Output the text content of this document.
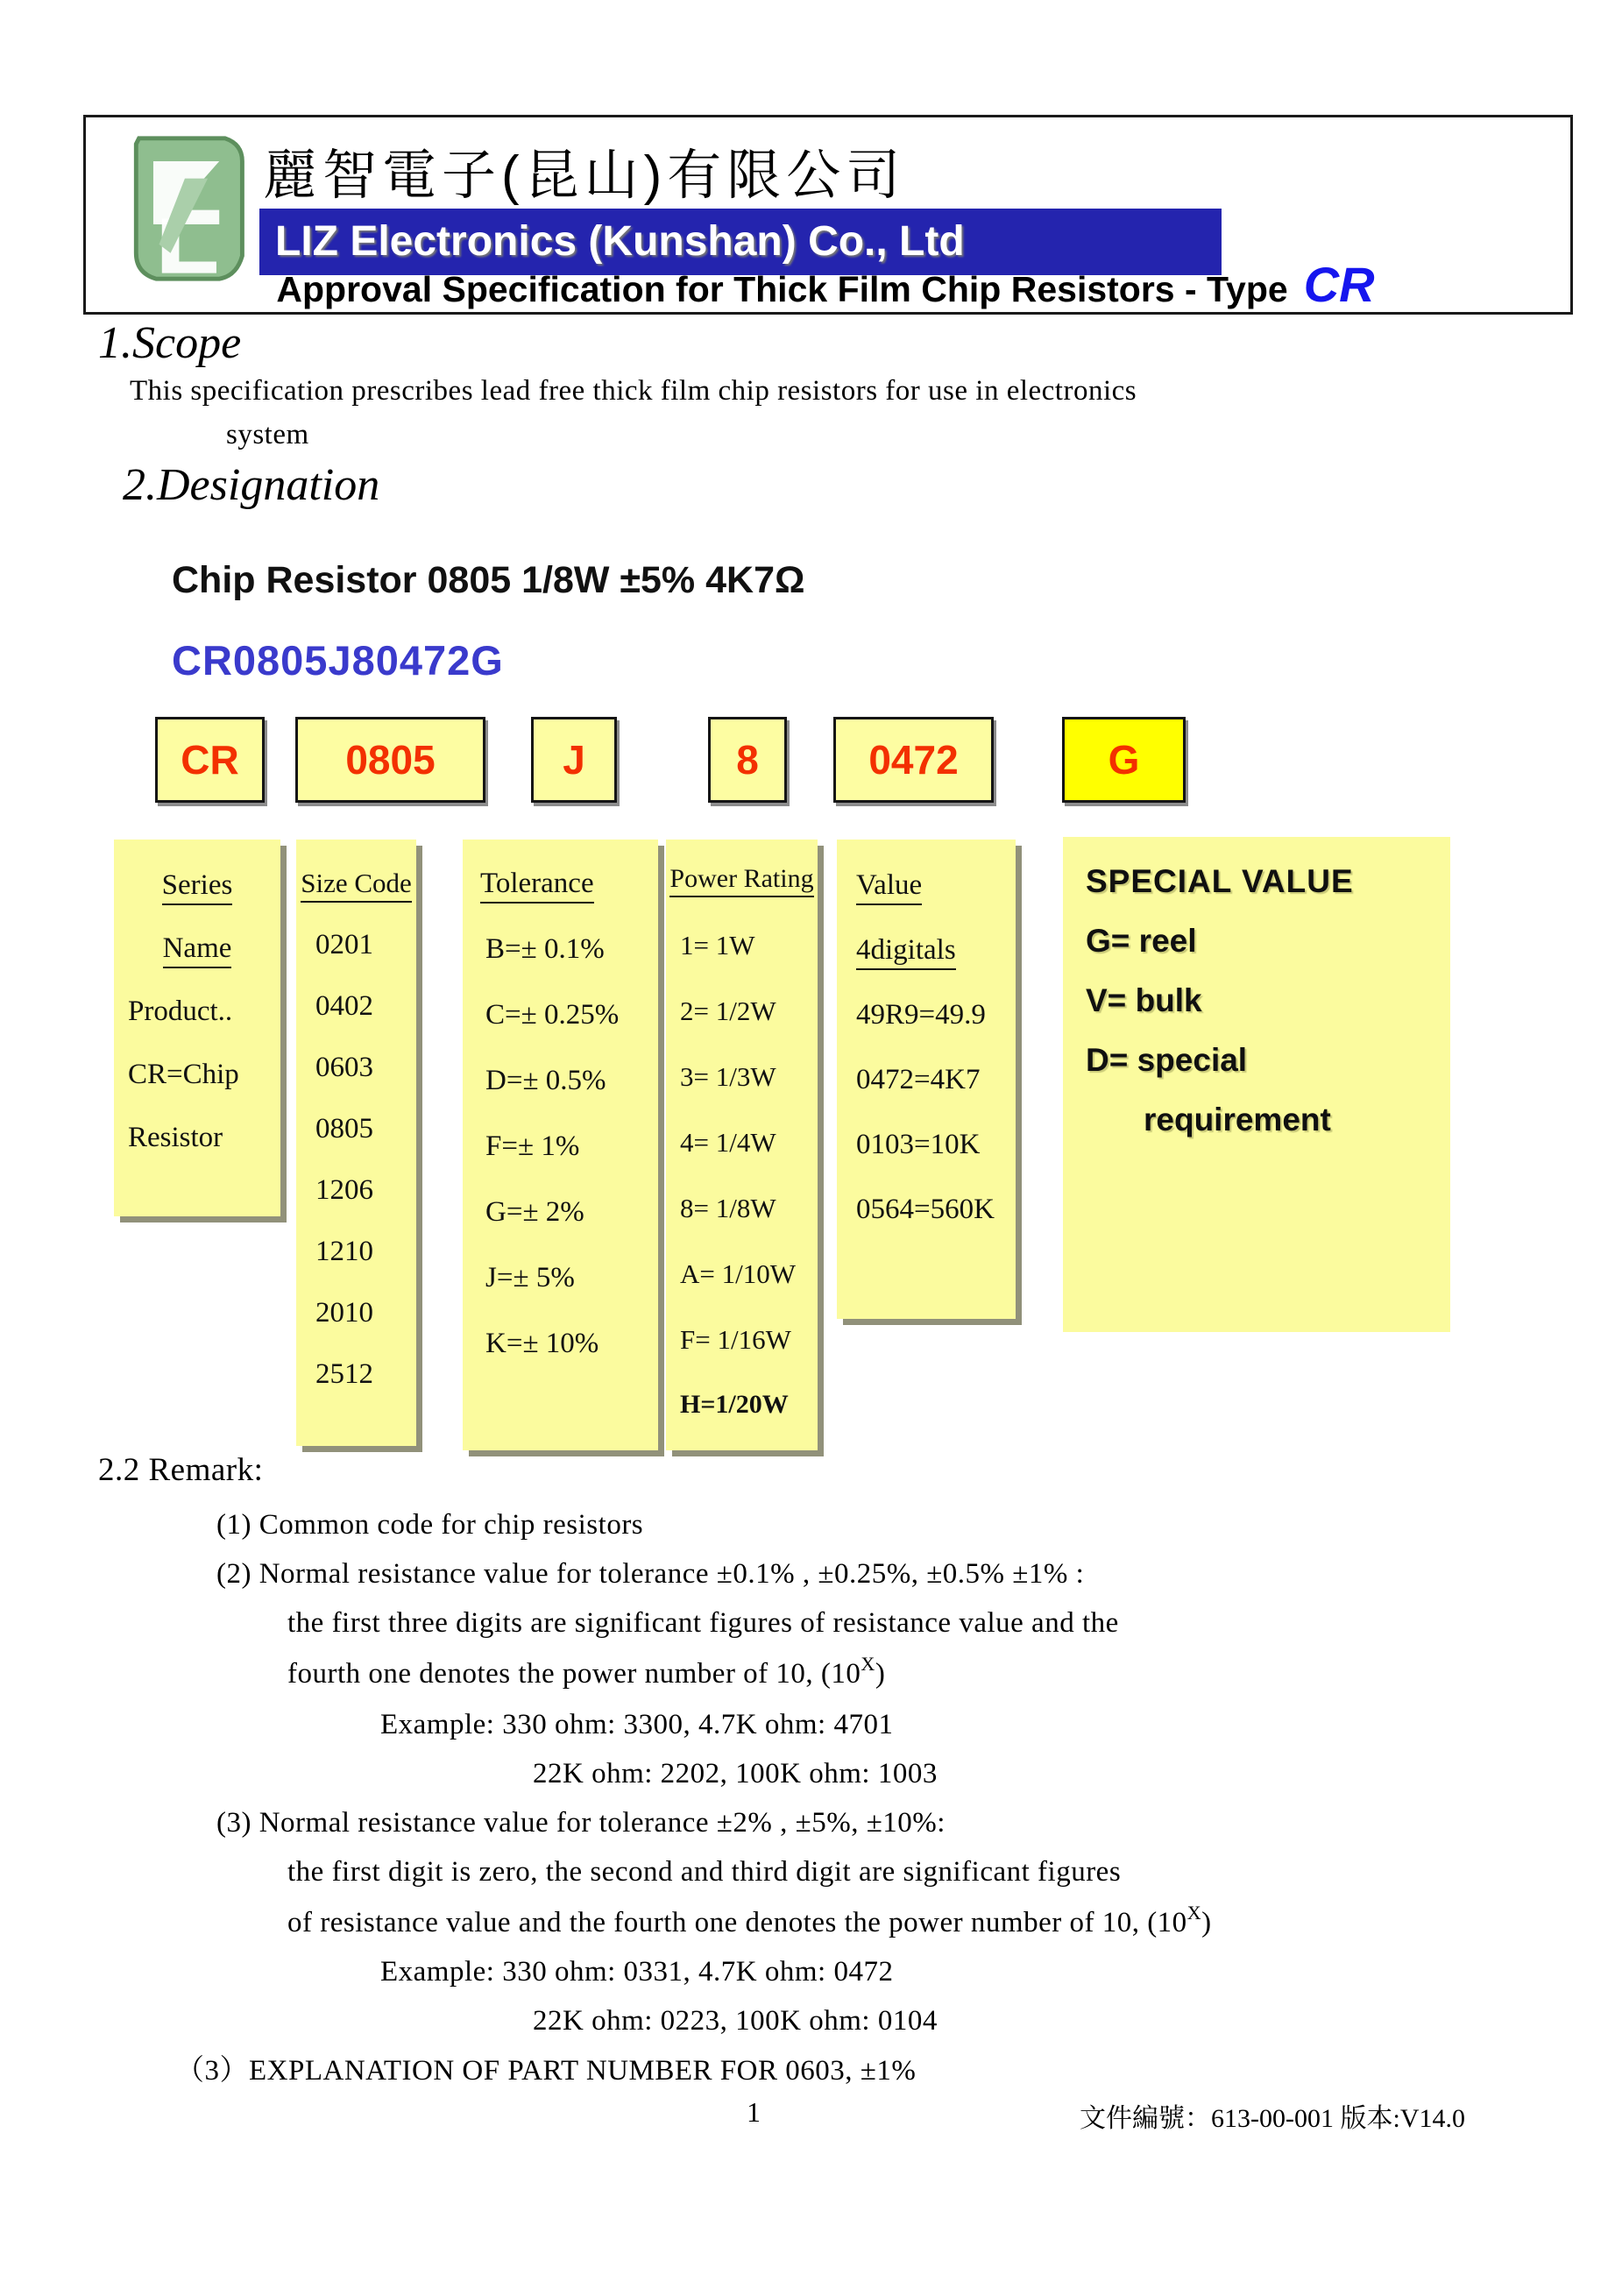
麗智電子(昆山)有限公司
LIZ Electronics (Kunshan) Co., Ltd
Approval Specification for Thick Film Chip Resistors - Type CR
1.Scope
This specification prescribes lead free thick film chip resistors for use in electronics
system
2.Designation
Chip Resistor 0805 1/8W ±5% 4K7Ω
CR0805J80472G
CR	0805	J	8	0472	G
Series
Name
Product..
CR=Chip
Resistor
Size Code
0201
0402
0603
0805
1206
1210
2010
2512
Tolerance
B=± 0.1%
C=± 0.25%
D=± 0.5%
F=± 1%
G=± 2%
J=± 5%
K=± 10%
Power Rating
1= 1W
2= 1/2W
3= 1/3W
4= 1/4W
8= 1/8W
A= 1/10W
F= 1/16W
H=1/20W
Value
4digitals
49R9=49.9
0472=4K7
0103=10K
0564=560K
SPECIAL VALUE
G= reel
V= bulk
D= special
requirement
2.2 Remark:
(1) Common code for chip resistors
(2) Normal resistance value for tolerance ±0.1% , ±0.25%, ±0.5% ±1% :
the first three digits are significant figures of resistance value and the
fourth one denotes the power number of 10, $(10^X)$
Example: 330 ohm: 3300, 4.7K ohm: 4701
22K ohm: 2202, 100K ohm: 1003
(3) Normal resistance value for tolerance ±2% , ±5%, ±10%:
the first digit is zero, the second and third digit are significant figures
of resistance value and the fourth one denotes the power number of 10, $(10^X)$
Example: 330 ohm: 0331, 4.7K ohm: 0472
22K ohm: 0223, 100K ohm: 0104
（3）EXPLANATION OF PART NUMBER FOR 0603, ±1%
1	文件編號：613-00-001 版本:V14.0
